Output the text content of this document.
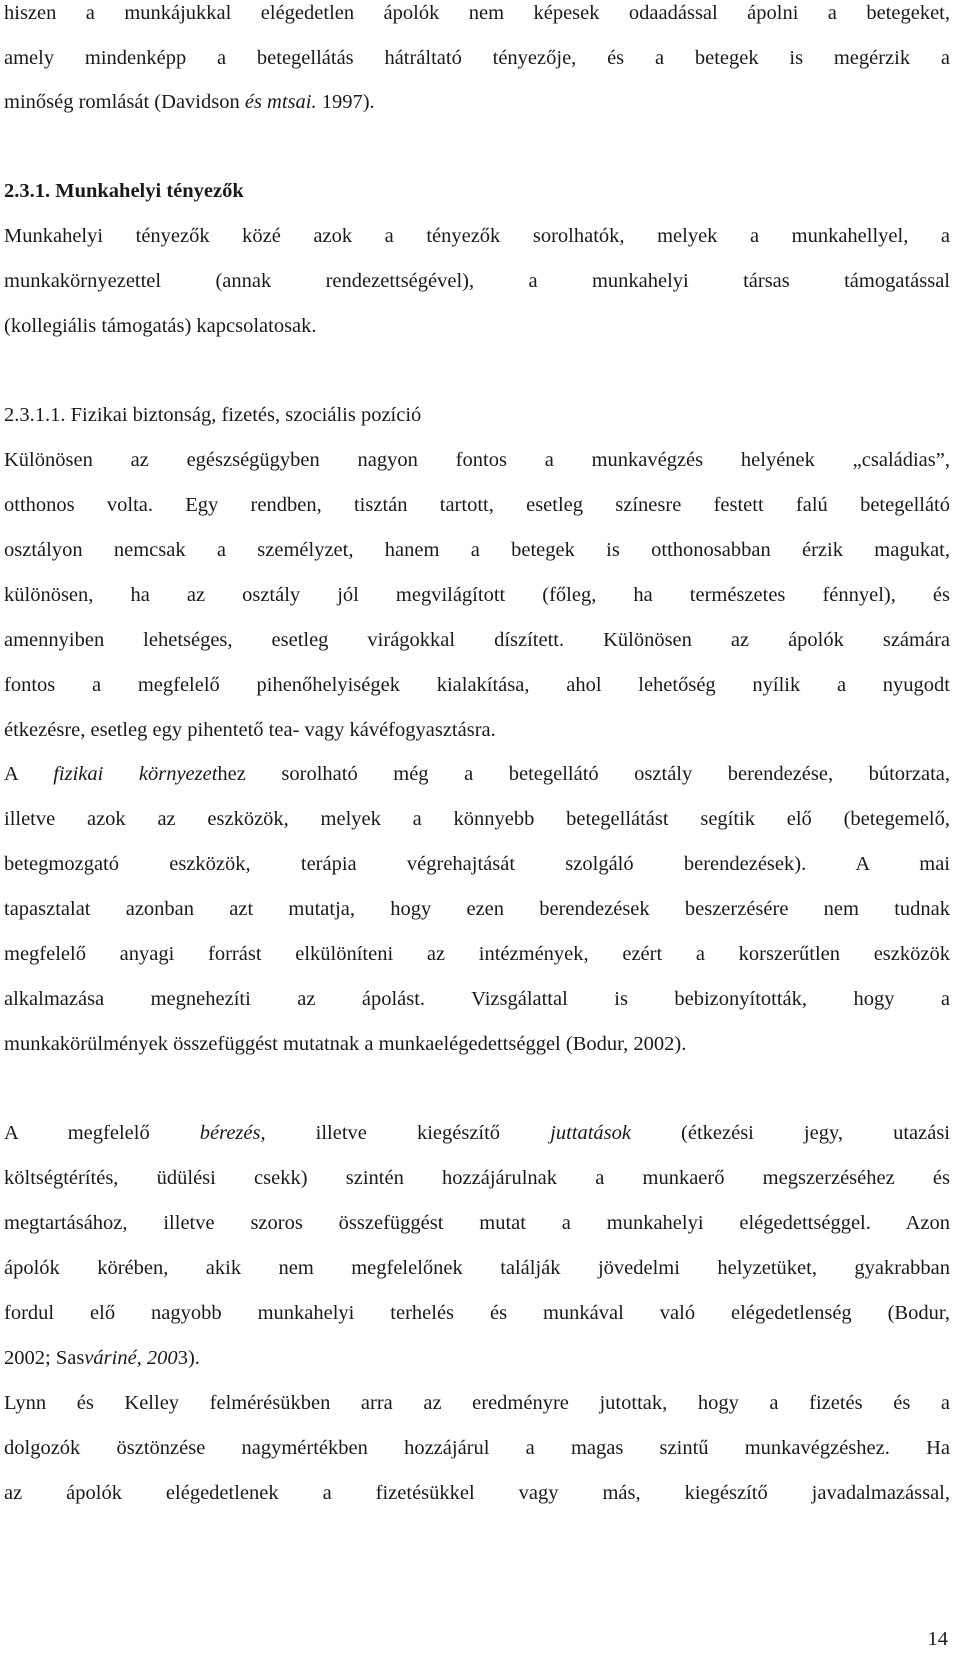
hiszen a munkájukkal elégedetlen ápolók nem képesek odaadással ápolni a betegeket,
amely mindenképp a betegellátás hátráltató tényezője, és a betegek is megérzik a
minőség romlását (Davidson és mtsai. 1997).
2.3.1. Munkahelyi tényezők
Munkahelyi tényezők közé azok a tényezők sorolhatók, melyek a munkahellyel, a
munkakörnyezettel (annak rendezettségével), a munkahelyi társas támogatással
(kollegiális támogatás) kapcsolatosak.
2.3.1.1. Fizikai biztonság, fizetés, szociális pozíció
Különösen az egészségügyben nagyon fontos a munkavégzés helyének „családias”,
otthonos volta. Egy rendben, tisztán tartott, esetleg színesre festett falú betegellátó
osztályon nemcsak a személyzet, hanem a betegek is otthonosabban érzik magukat,
különösen, ha az osztály jól megvilágított (főleg, ha természetes fénnyel), és
amennyiben lehetséges, esetleg virágokkal díszített. Különösen az ápolók számára
fontos a megfelelő pihenőhelyiségek kialakítása, ahol lehetőség nyílik a nyugodt
étkezésre, esetleg egy pihentető tea- vagy kávéfogyasztásra.
A fizikai környezethez sorolható még a betegellátó osztály berendezése, bútorzata,
illetve azok az eszközök, melyek a könnyebb betegellátást segítik elő (betegemelő,
betegmozgató eszközök, terápia végrehajtását szolgáló berendezések). A mai
tapasztalat azonban azt mutatja, hogy ezen berendezések beszerzésére nem tudnak
megfelelő anyagi forrást elkülöníteni az intézmények, ezért a korszerűtlen eszközök
alkalmazása megnehezíti az ápolást. Vizsgálattal is bebizonyították, hogy a
munkakörülmények összefüggést mutatnak a munkaelégedettséggel (Bodur, 2002).
A megfelelő bérezés, illetve kiegészítő juttatások (étkezési jegy, utazási
költségtérítés, üdülési csekk) szintén hozzájárulnak a munkaerő megszerzéséhez és
megtartásához, illetve szoros összefüggést mutat a munkahelyi elégedettséggel. Azon
ápolók körében, akik nem megfelelőnek találják jövedelmi helyzetüket, gyakrabban
fordul elő nagyobb munkahelyi terhelés és munkával való elégedetlenség (Bodur,
2002; Sasváriné, 2003).
Lynn és Kelley felmérésükben arra az eredményre jutottak, hogy a fizetés és a
dolgozók ösztönzése nagymértékben hozzájárul a magas szintű munkavégzéshez. Ha
az ápolók elégedetlenek a fizetésükkel vagy más, kiegészítő javadalmazással,
14
